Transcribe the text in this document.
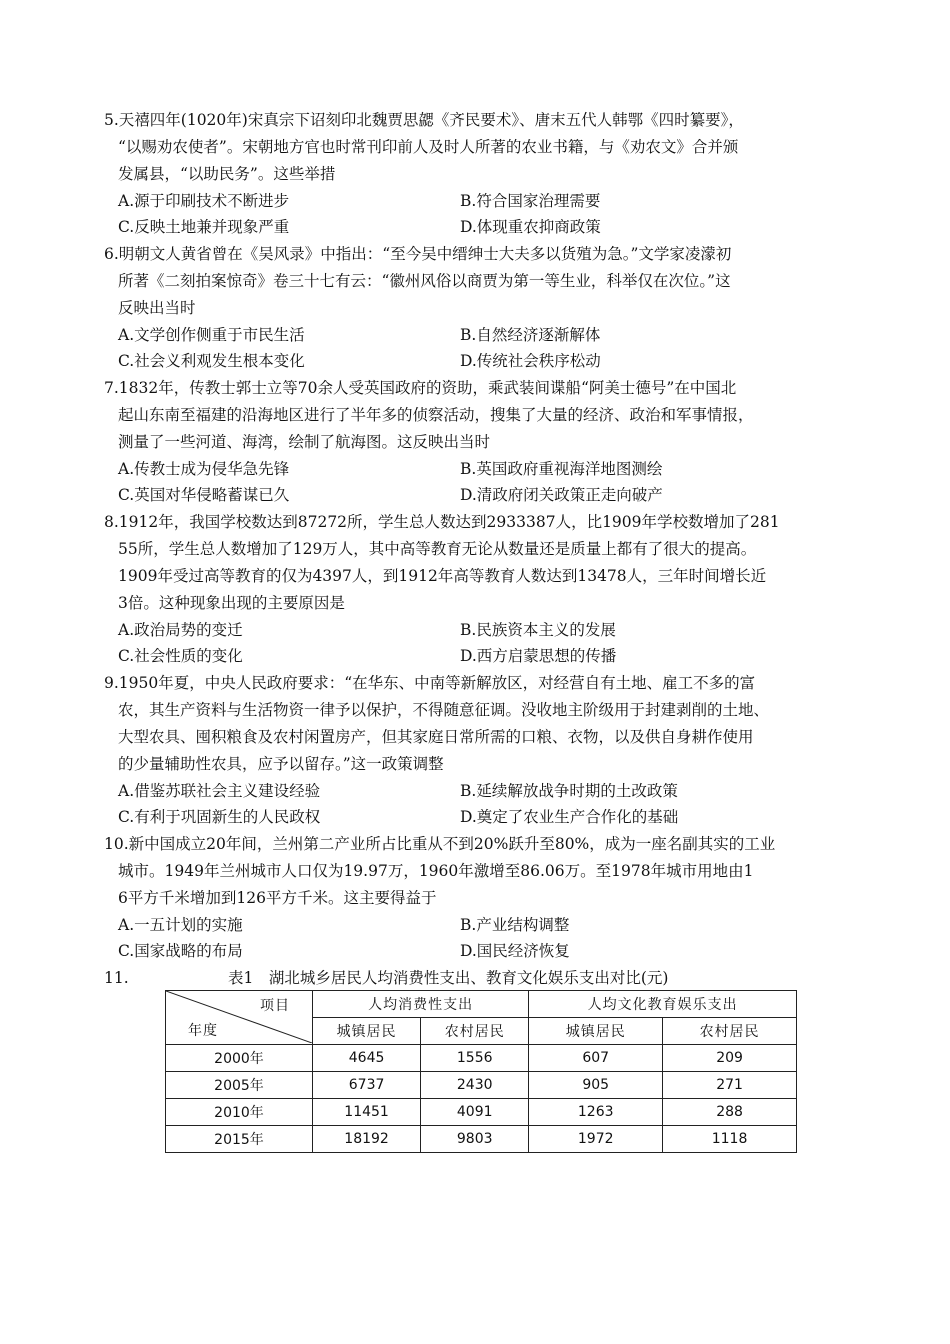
5.天禧四年(1020年)宋真宗下诏刻印北魏贾思勰《齐民要术》、唐末五代人韩鄂《四时纂要》，
“以赐劝农使者”。宋朝地方官也时常刊印前人及时人所著的农业书籍，与《劝农文》合并颁
发属县，“以助民务”。这些举措
A.源于印刷技术不断进步	B.符合国家治理需要
C.反映土地兼并现象严重	D.体现重农抑商政策
6.明朝文人黄省曾在《吴风录》中指出：“至今吴中缙绅士大夫多以货殖为急。”文学家凌濛初
所著《二刻拍案惊奇》卷三十七有云：“徽州风俗以商贾为第一等生业，科举仅在次位。”这
反映出当时
A.文学创作侧重于市民生活	B.自然经济逐渐解体
C.社会义利观发生根本变化	D.传统社会秩序松动
7.1832年，传教士郭士立等70余人受英国政府的资助，乘武装间谍船“阿美士德号”在中国北
起山东南至福建的沿海地区进行了半年多的侦察活动，搜集了大量的经济、政治和军事情报，
测量了一些河道、海湾，绘制了航海图。这反映出当时
A.传教士成为侵华急先锋	B.英国政府重视海洋地图测绘
C.英国对华侵略蓄谋已久	D.清政府闭关政策正走向破产
8.1912年，我国学校数达到87272所，学生总人数达到2933387人，比1909年学校数增加了281
55所，学生总人数增加了129万人，其中高等教育无论从数量还是质量上都有了很大的提高。
1909年受过高等教育的仅为4397人，到1912年高等教育人数达到13478人，三年时间增长近
3倍。这种现象出现的主要原因是
A.政治局势的变迁	B.民族资本主义的发展
C.社会性质的变化	D.西方启蒙思想的传播
9.1950年夏，中央人民政府要求：“在华东、中南等新解放区，对经营自有土地、雇工不多的富
农，其生产资料与生活物资一律予以保护，不得随意征调。没收地主阶级用于封建剥削的土地、
大型农具、囤积粮食及农村闲置房产，但其家庭日常所需的口粮、衣物，以及供自身耕作使用
的少量辅助性农具，应予以留存。”这一政策调整
A.借鉴苏联社会主义建设经验	B.延续解放战争时期的土改政策
C.有利于巩固新生的人民政权	D.奠定了农业生产合作化的基础
10.新中国成立20年间，兰州第二产业所占比重从不到20%跃升至80%，成为一座名副其实的工业
城市。1949年兰州城市人口仅为19.97万，1960年激增至86.06万。至1978年城市用地由1
6平方千米增加到126平方千米。这主要得益于
A.一五计划的实施	B.产业结构调整
C.国家战略的布局	D.国民经济恢复
11.	表1　湖北城乡居民人均消费性支出、教育文化娱乐支出对比(元)
项目
年度	人均消费性支出		人均文化教育娱乐支出	
	城镇居民	农村居民	城镇居民	农村居民
2000年	4645	1556	607	209
2005年	6737	2430	905	271
2010年	11451	4091	1263	288
2015年	18192	9803	1972	1118
